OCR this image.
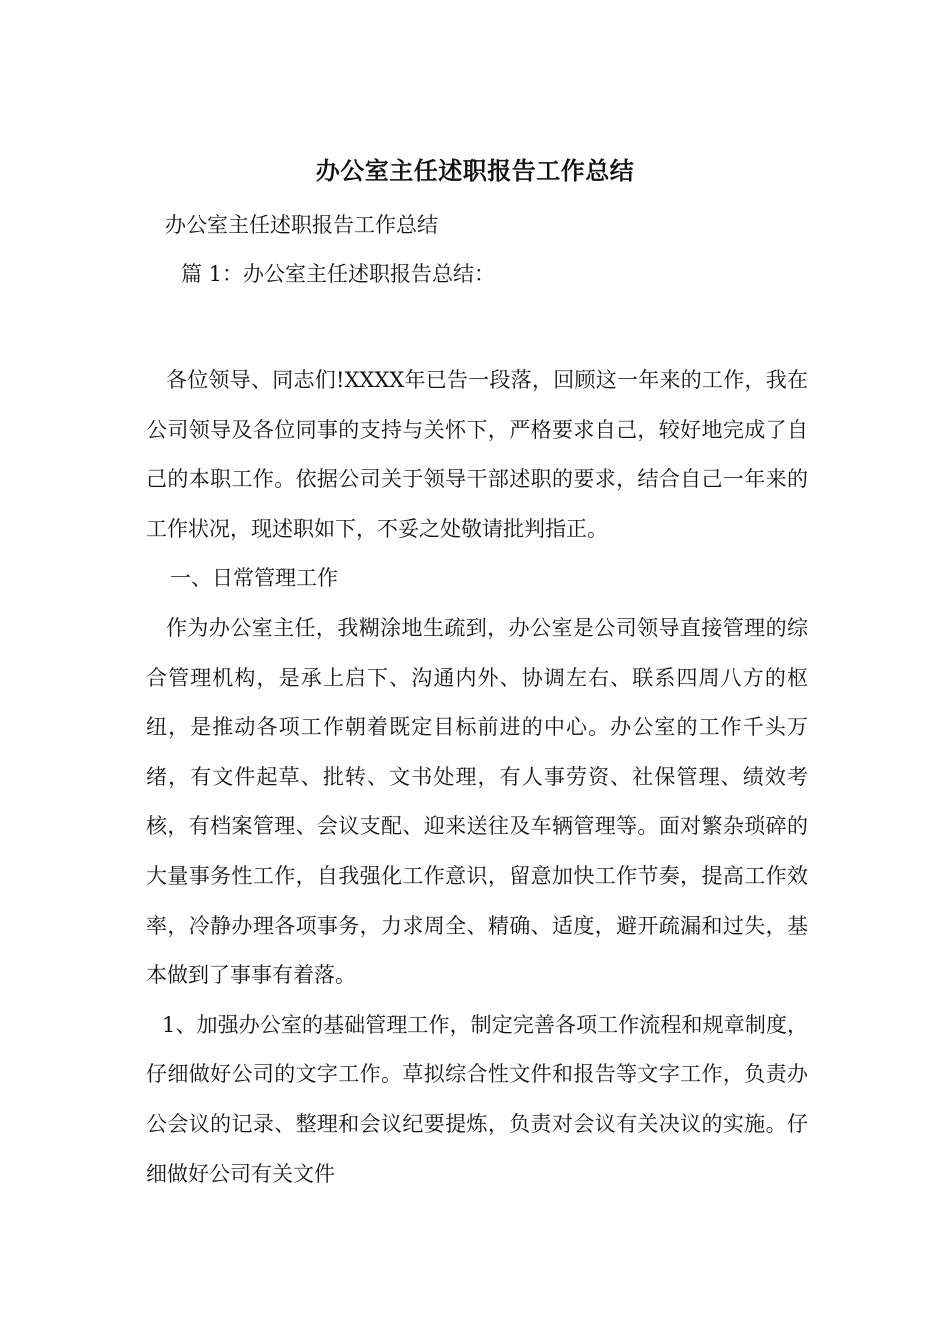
办公室主任述职报告工作总结
办公室主任述职报告工作总结
篇 1：办公室主任述职报告总结：

各位领导、同志们!XXXX年已告一段落，回顾这一年来的工作，我在公司领导及各位同事的支持与关怀下，严格要求自己，较好地完成了自己的本职工作。依据公司关于领导干部述职的要求，结合自己一年来的工作状况，现述职如下，不妥之处敬请批判指正。

一、日常管理工作

作为办公室主任，我糊涂地生疏到，办公室是公司领导直接管理的综合管理机构，是承上启下、沟通内外、协调左右、联系四周八方的枢纽，是推动各项工作朝着既定目标前进的中心。办公室的工作千头万绪，有文件起草、批转、文书处理，有人事劳资、社保管理、绩效考核，有档案管理、会议支配、迎来送往及车辆管理等。面对繁杂琐碎的大量事务性工作，自我强化工作意识，留意加快工作节奏，提高工作效率，冷静办理各项事务，力求周全、精确、适度，避开疏漏和过失，基本做到了事事有着落。

1、加强办公室的基础管理工作，制定完善各项工作流程和规章制度，仔细做好公司的文字工作。草拟综合性文件和报告等文字工作，负责办公会议的记录、整理和会议纪要提炼，负责对会议有关决议的实施。仔细做好公司有关文件
